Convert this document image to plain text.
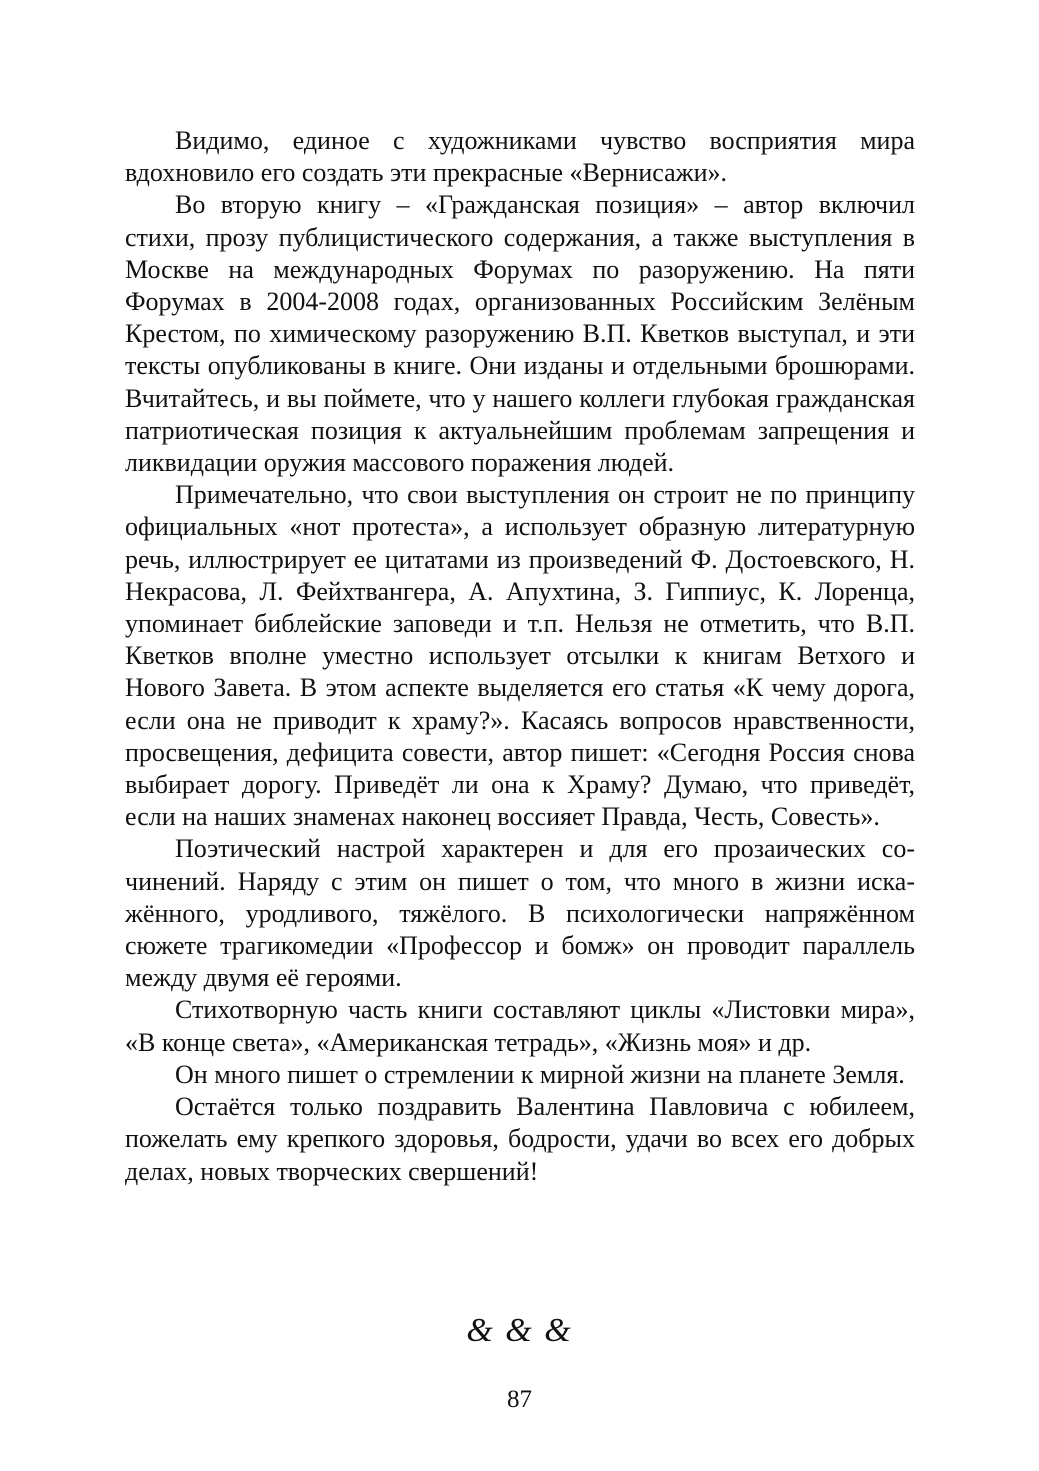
Видимо, единое с художниками чувство восприятия мира вдохновило его создать эти прекрасные «Вернисажи».

Во вторую книгу – «Гражданская позиция» – автор включил стихи, прозу публицистического содержания, а также выступления в Москве на международных Форумах по разоружению. На пяти Форумах в 2004-2008 годах, организованных Российским Зелёным Крестом, по химическому разоружению В.П. Кветков выступал, и эти тексты опубликованы в книге. Они изданы и отдельными брошюрами. Вчитайтесь, и вы поймете, что у нашего коллеги глубокая гражданская патриотическая позиция к актуальнейшим проблемам запрещения и ликвидации оружия массового поражения людей.

Примечательно, что свои выступления он строит не по принципу официальных «нот протеста», а использует образную литературную речь, иллюстрирует ее цитатами из произведений Ф. Достоевского, Н. Некрасова, Л. Фейхтвангера, А. Апухтина, З. Гиппиус, К. Лоренца, упоминает библейские заповеди и т.п. Нельзя не отметить, что В.П. Кветков вполне уместно использует отсылки к книгам Ветхого и Нового Завета. В этом аспекте выделяется его статья «К чему дорога, если она не приводит к храму?». Касаясь вопросов нравственности, просвещения, дефицита совести, автор пишет: «Сегодня Россия снова выбирает дорогу. Приведёт ли она к Храму? Думаю, что приведёт, если на наших знаменах наконец воссияет Правда, Честь, Совесть».

Поэтический настрой характерен и для его прозаических сочинений. Наряду с этим он пишет о том, что много в жизни искажённого, уродливого, тяжёлого. В психологически напряжённом сюжете трагикомедии «Профессор и бомж» он проводит параллель между двумя её героями.

Стихотворную часть книги составляют циклы «Листовки мира», «В конце света», «Американская тетрадь», «Жизнь моя» и др.

Он много пишет о стремлении к мирной жизни на планете Земля.

Остаётся только поздравить Валентина Павловича с юбилеем, пожелать ему крепкого здоровья, бодрости, удачи во всех его добрых делах, новых творческих свершений!

& & &
87
